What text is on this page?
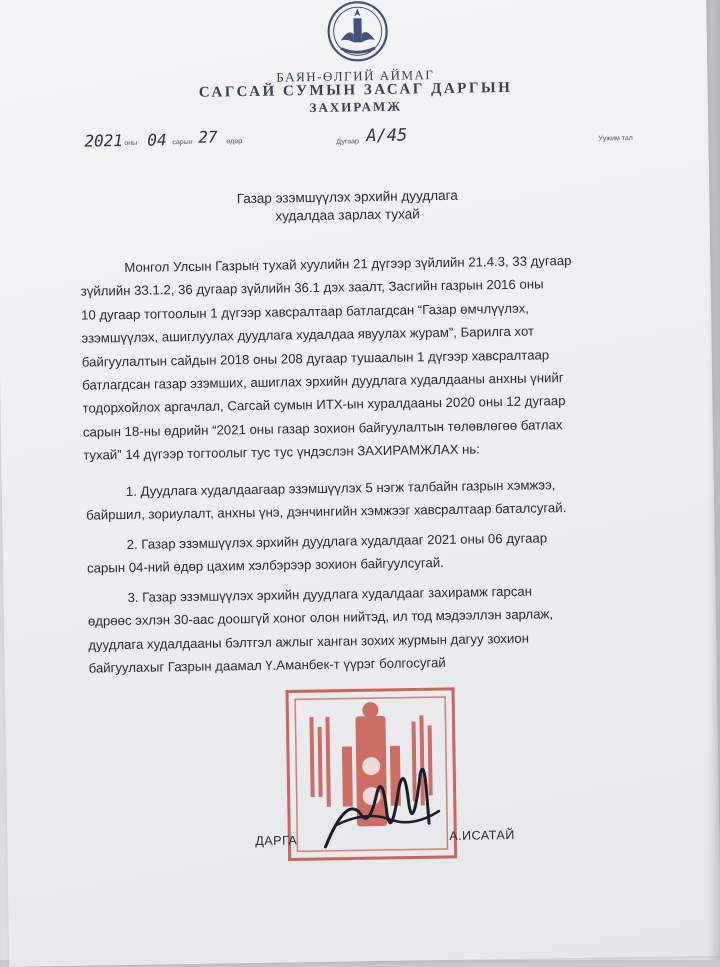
БАЯН-ӨЛГИЙ АЙМАГ
САГСАЙ СУМЫН ЗАСАГ ДАРГЫН
ЗАХИРАМЖ
2021 оны 04 сарын 27 өдөр	Дугаар А/45	Уужим тал
Газар эзэмшүүлэх эрхийн дуудлага
худалдаа зарлах тухай
Монгол Улсын Газрын тухай хуулийн 21 дүгээр зүйлийн 21.4.3, 33 дугаар
зүйлийн 33.1.2, 36 дугаар зүйлийн 36.1 дэх заалт, Засгийн газрын 2016 оны
10 дугаар тогтоолын 1 дүгээр хавсралтаар батлагдсан “Газар өмчлүүлэх,
эзэмшүүлэх, ашиглуулах дуудлага худалдаа явуулах журам”, Барилга хот
байгуулалтын сайдын 2018 оны 208 дугаар тушаалын 1 дүгээр хавсралтаар
батлагдсан газар эзэмших, ашиглах эрхийн дуудлага худалдааны анхны үнийг
тодорхойлох аргачлал, Сагсай сумын ИТХ-ын хуралдааны 2020 оны 12 дугаар
сарын 18-ны өдрийн “2021 оны газар зохион байгуулалтын төлөвлөгөө батлах
тухай” 14 дүгээр тогтоолыг тус тус үндэслэн ЗАХИРАМЖЛАХ нь:
1. Дуудлага худалдаагаар эзэмшүүлэх 5 нэгж талбайн газрын хэмжээ,
байршил, зориулалт, анхны үнэ, дэнчингийн хэмжээг хавсралтаар баталсугай.
2. Газар эзэмшүүлэх эрхийн дуудлага худалдааг 2021 оны 06 дугаар
сарын 04-ний өдөр цахим хэлбэрээр зохион байгуулсугай.
3. Газар эзэмшүүлэх эрхийн дуудлага худалдааг захирамж гарсан
өдрөөс эхлэн 30-аас доошгүй хоног олон нийтэд, ил тод мэдээллэн зарлаж,
дуудлага худалдааны бэлтгэл ажлыг ханган зохих журмын дагуу зохион
байгуулахыг Газрын даамал Ү.Аманбек-т үүрэг болгосугай
ДАРГА	А.ИСАТАЙ
